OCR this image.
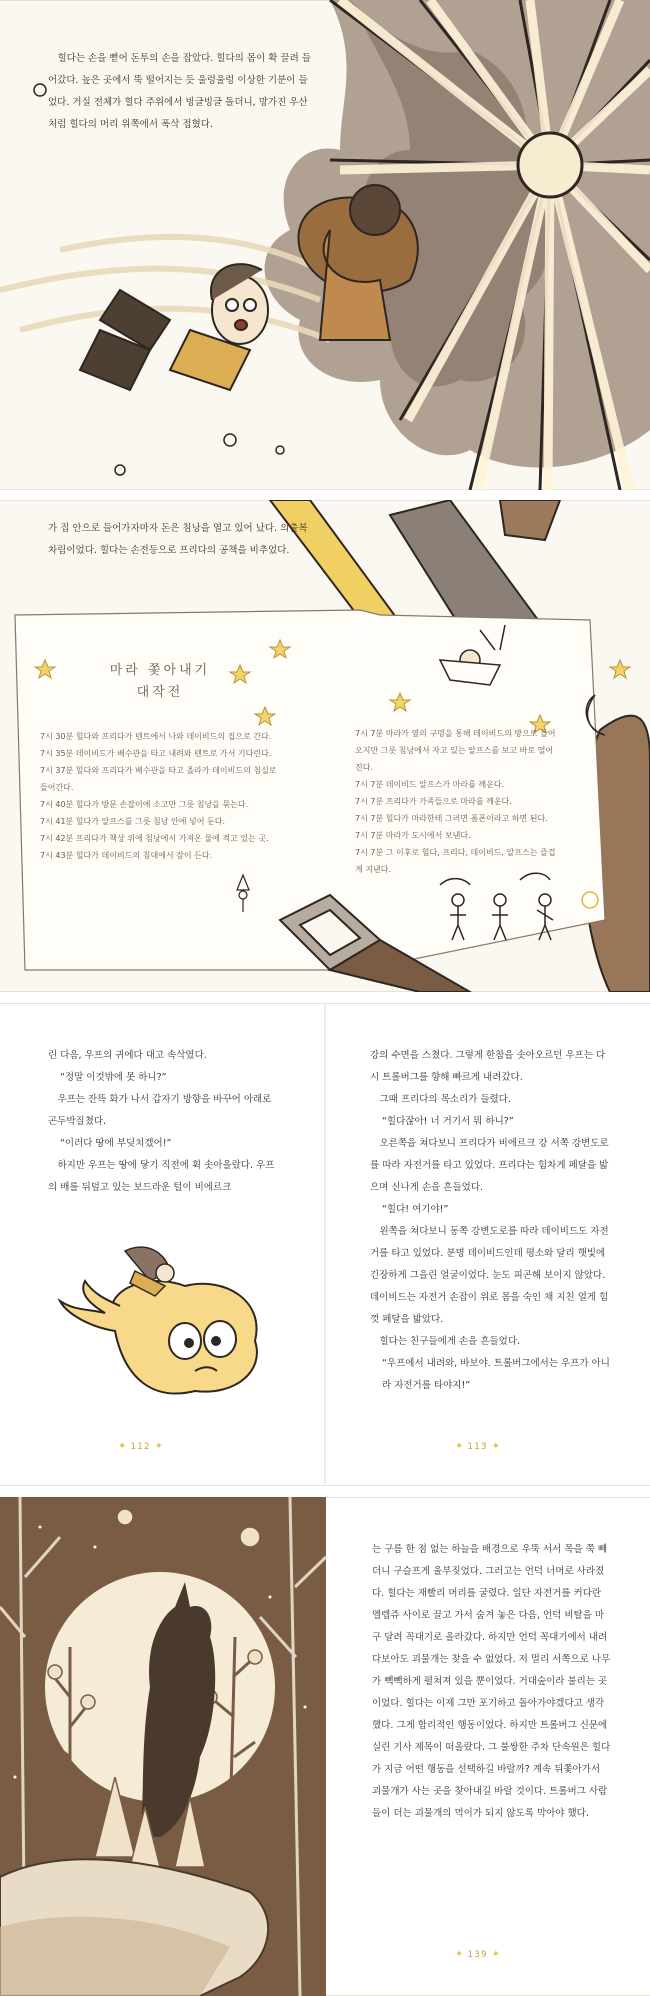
힐다는 손을 뻗어 돈투의 손을 잡았다. 힐다의 몸이 확 끌려 들어갔다. 높은 곳에서 뚝 떨어지는 듯 울렁울렁 이상한 기분이 들었다. 거실 전체가 힐다 주위에서 빙글빙글 돌더니, 망가진 우산처럼 힐다의 머리 위쪽에서 폭삭 접혔다.

가 집 안으로 들어가자마자 돈은 침낭을 열고 있어 났다. 의출복 차림이었다. 힐다는 손전등으로 프리다의 공책을 비추었다.

마라 쫓아내기 대작전
7시 30분 힐다와 프리다가 텐트에서 나와 데이비드의 집으로 간다.
7시 35분 데이비드가 배수관을 타고 내려와 텐트로 가서 기다린다.
7시 37분 힐다와 프리다가 배수관을 타고 올라가 데이비드의 침실로 들어간다.
7시 40분 힐다가 방문 손잡이에 소고만 그릇 침낭을 묶는다.
7시 41분 힐다가 알프스를 그릇 침낭 안에 넣어 둔다.
7시 42분 프리다가 책상 위에 침낭에서 가져온 물에 적고 있는 곳.
7시 43분 힐다가 데이비드의 침대에서 잠이 든다.
7시 7분 마라가 옆의 구멍을 통해 데이비드의 방으로 들어오지만 그릇 침낭에서 자고 있는 알프스를 보고 바로 떨어진다.
7시 7분 데이비드 알프스가 마라를 깨운다.
7시 7분 프리다가 가족들으로 마라를 깨운다.
7시 7분 힐다가 마라한테 그러면 폼폰이라고 하면 된다.
7시 7분 마라가 도시에서 보낸다.
7시 7분 그 이후로 힐다, 프리다, 데이비드, 알프스는 즐겁게 지낸다.

린 다음, 우프의 귀에다 대고 속삭였다.

“정말 이것밖에 못 하니?”

우프는 잔뜩 화가 나서 갑자기 방향을 바꾸어 아래로 곤두박질쳤다.

“이러다 땅에 부딪치겠어!”

하지만 우프는 땅에 닿기 직전에 휙 솟아올랐다. 우프의 배를 뒤덮고 있는 보드라운 털이 비에르크

강의 수면을 스쳤다. 그렇게 한참을 솟아오르던 우프는 다시 트롤버그를 향해 빠르게 내려갔다.

그때 프리다의 목소리가 들렸다.

“힐다잖아! 너 거기서 뭐 하니?”

오른쪽을 쳐다보니 프리다가 비에르크 강 서쪽 강변도로를 따라 자전거를 타고 있었다. 프리다는 힘차게 페달을 밟으며 신나게 손을 흔들었다.

“힐다! 여기야!”

왼쪽을 쳐다보니 동쪽 강변도로를 따라 데이비드도 자전거를 타고 있었다. 분명 데이비드인데 평소와 달리 햇빛에 긴장하게 그을린 얼굴이었다. 눈도 피곤해 보이지 않았다. 데이비드는 자전거 손잡이 위로 몸을 숙인 채 지친 얼게 힘껏 페달을 밟았다.

힐다는 친구들에게 손을 흔들었다.

“우프에서 내려와, 바보야. 트롤버그에서는 우프가 아니라 자전거를 타야지!”

✦ 112 ✦	✦ 113 ✦

는 구름 한 점 없는 하늘을 배경으로 우뚝 서서 목을 쭉 빼더니 구슬프게 울부짖었다. 그러고는 언덕 너머로 사라졌다. 힐다는 재빨리 머리를 굴렸다. 일단 자전거를 커다란 엘렙쥬 사이로 끌고 가서 숨겨 놓은 다음, 언덕 비탈을 마구 달려 꼭대기로 올라갔다. 하지만 언덕 꼭대기에서 내려다보아도 괴물개는 찾을 수 없었다. 저 멀리 서쪽으로 나무가 빽빽하게 펼쳐져 있을 뿐이었다. 거대숲이라 불리는 곳이었다. 힐다는 이제 그만 포기하고 돌아가야겠다고 생각했다. 그게 합리적인 행동이었다. 하지만 트롤버그 신문에 실린 기사 제목이 떠올랐다. 그 불쌍한 주차 단속원은 힐다가 지금 어떤 행동을 선택하길 바랄까? 계속 뒤쫓아가서 괴물개가 사는 곳을 찾아내길 바랄 것이다. 트롤버그 사람들이 더는 괴물개의 먹이가 되지 않도록 막아야 했다.

✦ 139 ✦
